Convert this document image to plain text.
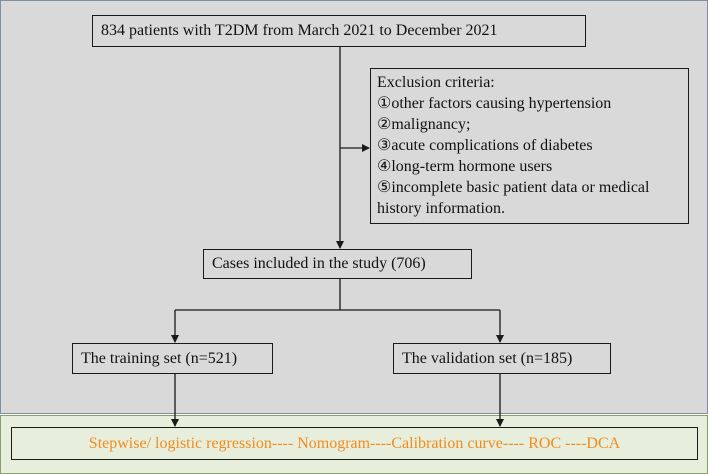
834 patients with T2DM from March 2021 to December 2021
Exclusion criteria:
①other factors causing hypertension
②malignancy;
③acute complications of diabetes
④long-term hormone users
⑤incomplete basic patient data or medical
history information.
Cases included in the study (706)
The training set (n=521)	The validation set (n=185)
Stepwise/ logistic regression---- Nomogram----Calibration curve---- ROC ----DCA
